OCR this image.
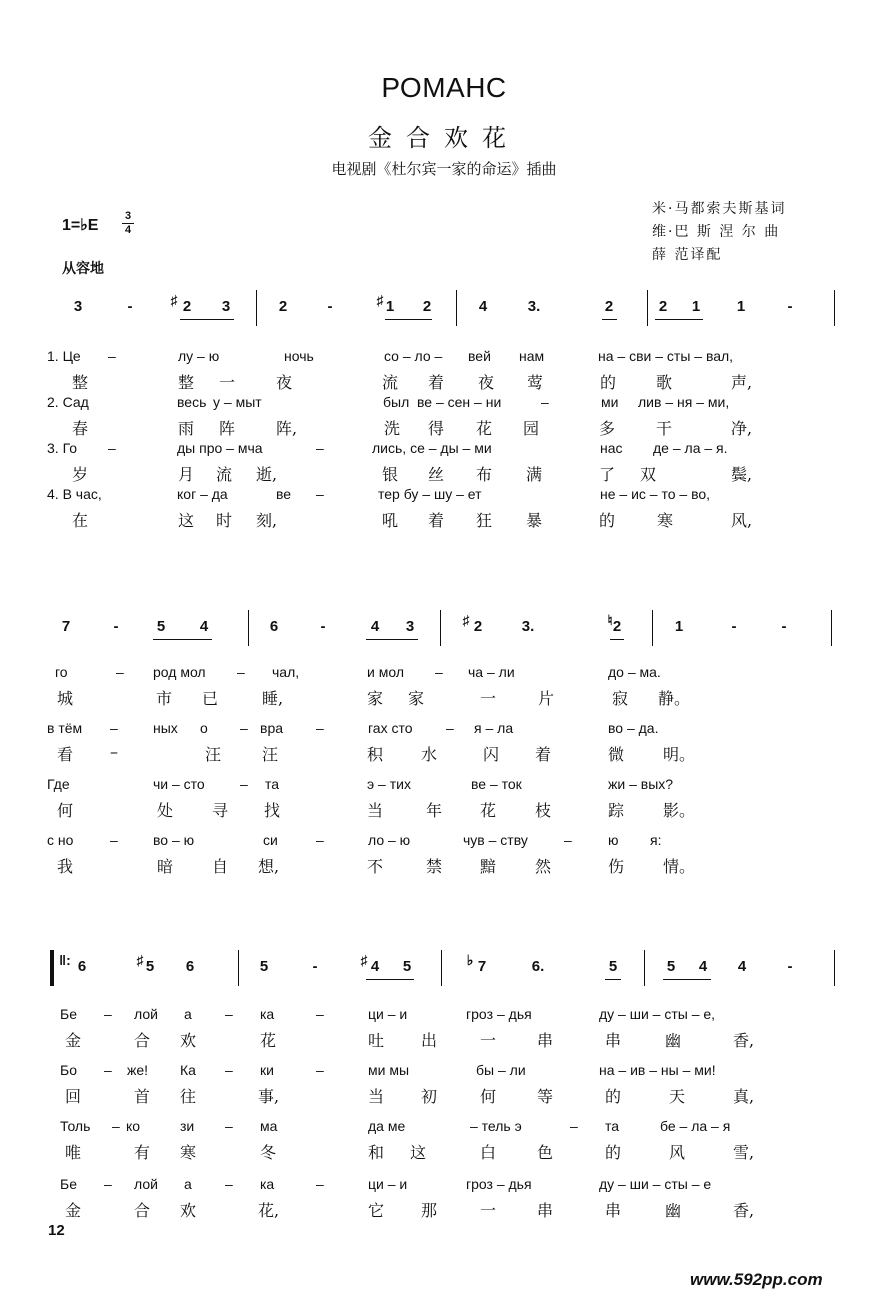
РОМАНС
金合欢花
电视剧《杜尔宾一家的命运》插曲
米·马都索夫斯基词
维·巴 斯 涅 尔 曲
薛 范译配
1=♭E
3
4
从容地
3	-	♯ 2 3	2	-	♯ 1 2	4	3.	2	2 1 1	-
1. Це –	лу – ю	ночь	со – ло – вей нам	на – сви – сты – вал,
整	整 一	夜	流 着 夜 莺	的 歌	声,
2. Сад	весь у – мыт	был ве – сен – ни	–	ми лив – ня – ми,
春	雨 阵	阵,	洗 得 花 园	多	干	净,
3. Го –	ды про – мча	–	лись, се – ды – ми	нас де – ла – я.
岁	月 流 逝,	银 丝 布 满	了 双	鬓,
4. В час,	ког – да	ве –	тер бу – шу – ет	не – ис – то – во,
在	这 时 刻,	吼 着 狂 暴	的	寒	风,
7	-	5 4	6	-	4 3	♯ 2	3.	♮ 2	1	-	-
го	– род мол – чал,	и мол – ча – ли	до – ма.
城	市 已	睡,	家 家	一	片	寂 静。
в тём –	ных о – вра –	гах сто – я – ла	во – да.
看 –	汪	汪	积 水	闪 着	微 明。
Где	чи – сто	– та	э – тих	ве – ток	жи – вых?
何	处 寻 找	当	年 花 枝	踪 影。
с но	–	во – ю	си	–	ло – ю	чув – ству	–	ю я:
我	暗 自 想,	不	禁 黯 然	伤 情。
‖: 6	♯ 5 6	5	-	♯ 4 5	♭ 7	6.	5	5 4 4	-
Бе – лой а – ка	–	ци – и	грoз – дья	ду – ши – сты – е,
金	合 欢	花	吐 出	一	串	串	幽	香,
Бо – же! Ка – ки	–	ми мы	бы – ли	на – ив – ны – ми!
回	首 往	事,	当 初	何	等	的	天	真,
Толь – ко	зи – ма	да ме	– тель э	– та	бе – ла – я
唯	有 寒	冬	和 这	白	色	的	风	雪,
Бе – лой а – ка	–	ци – и	гроз – дья	ду – ши – сты – е
金	合 欢	花,	它 那	一	串	串	幽	香,
12
www.592pp.com
